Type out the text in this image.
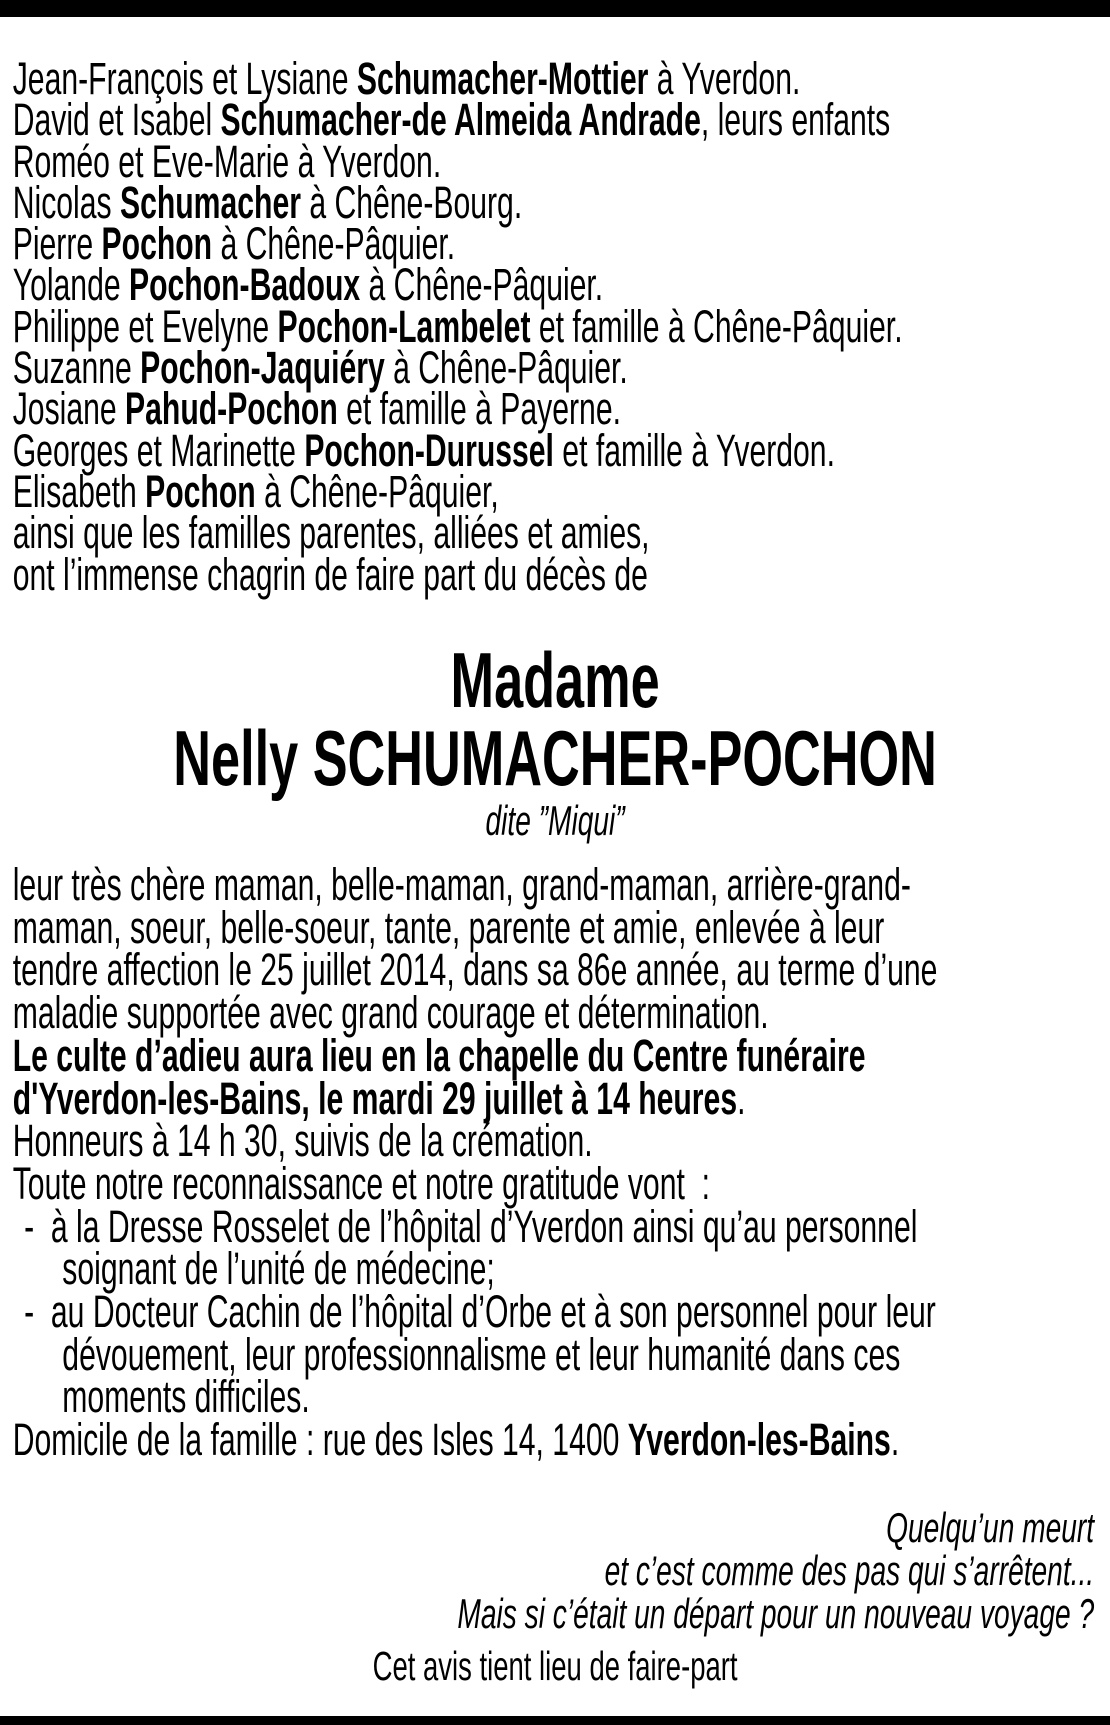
Jean-François et Lysiane Schumacher-Mottier à Yverdon.
David et Isabel Schumacher-de Almeida Andrade, leurs enfants
Roméo et Eve-Marie à Yverdon.
Nicolas Schumacher à Chêne-Bourg.
Pierre Pochon à Chêne-Pâquier.
Yolande Pochon-Badoux à Chêne-Pâquier.
Philippe et Evelyne Pochon-Lambelet et famille à Chêne-Pâquier.
Suzanne Pochon-Jaquiéry à Chêne-Pâquier.
Josiane Pahud-Pochon et famille à Payerne.
Georges et Marinette Pochon-Durussel et famille à Yverdon.
Elisabeth Pochon à Chêne-Pâquier,
ainsi que les familles parentes, alliées et amies,
ont l’immense chagrin de faire part du décès de
Madame
Nelly SCHUMACHER-POCHON
dite ”Miqui”
leur très chère maman, belle-maman, grand-maman, arrière-grand-
maman, soeur, belle-soeur, tante, parente et amie, enlevée à leur
tendre affection le 25 juillet 2014, dans sa 86e année, au terme d’une
maladie supportée avec grand courage et détermination.
Le culte d’adieu aura lieu en la chapelle du Centre funéraire
d'Yverdon-les-Bains, le mardi 29 juillet à 14 heures.
Honneurs à 14 h 30, suivis de la crémation.
Toute notre reconnaissance et notre gratitude vont  :
-  à la Dresse Rosselet de l’hôpital d’Yverdon ainsi qu’au personnel
soignant de l’unité de médecine;
-  au Docteur Cachin de l’hôpital d’Orbe et à son personnel pour leur
dévouement, leur professionnalisme et leur humanité dans ces
moments difficiles.
Domicile de la famille : rue des Isles 14, 1400 Yverdon-les-Bains.
Quelqu’un meurt
et c’est comme des pas qui s’arrêtent...
Mais si c’était un départ pour un nouveau voyage ?
Cet avis tient lieu de faire-part
